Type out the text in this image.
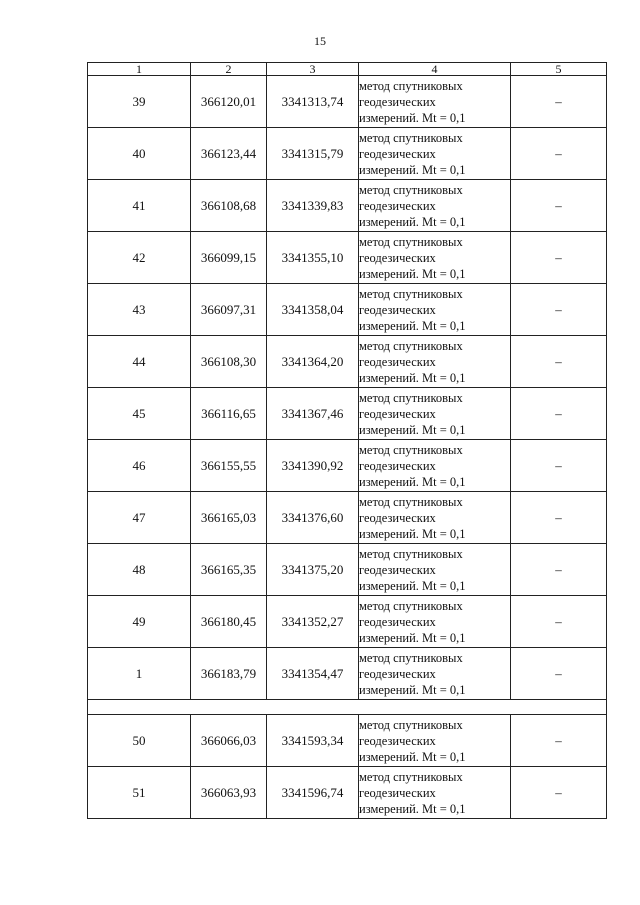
15
1	2	3	4	5
39	366120,01	3341313,74	метод спутниковых
геодезических
измерений. Mt = 0,1	–
40	366123,44	3341315,79	метод спутниковых
геодезических
измерений. Mt = 0,1	–
41	366108,68	3341339,83	метод спутниковых
геодезических
измерений. Mt = 0,1	–
42	366099,15	3341355,10	метод спутниковых
геодезических
измерений. Mt = 0,1	–
43	366097,31	3341358,04	метод спутниковых
геодезических
измерений. Mt = 0,1	–
44	366108,30	3341364,20	метод спутниковых
геодезических
измерений. Mt = 0,1	–
45	366116,65	3341367,46	метод спутниковых
геодезических
измерений. Mt = 0,1	–
46	366155,55	3341390,92	метод спутниковых
геодезических
измерений. Mt = 0,1	–
47	366165,03	3341376,60	метод спутниковых
геодезических
измерений. Mt = 0,1	–
48	366165,35	3341375,20	метод спутниковых
геодезических
измерений. Mt = 0,1	–
49	366180,45	3341352,27	метод спутниковых
геодезических
измерений. Mt = 0,1	–
1	366183,79	3341354,47	метод спутниковых
геодезических
измерений. Mt = 0,1	–

50	366066,03	3341593,34	метод спутниковых
геодезических
измерений. Mt = 0,1	–
51	366063,93	3341596,74	метод спутниковых
геодезических
измерений. Mt = 0,1	–
